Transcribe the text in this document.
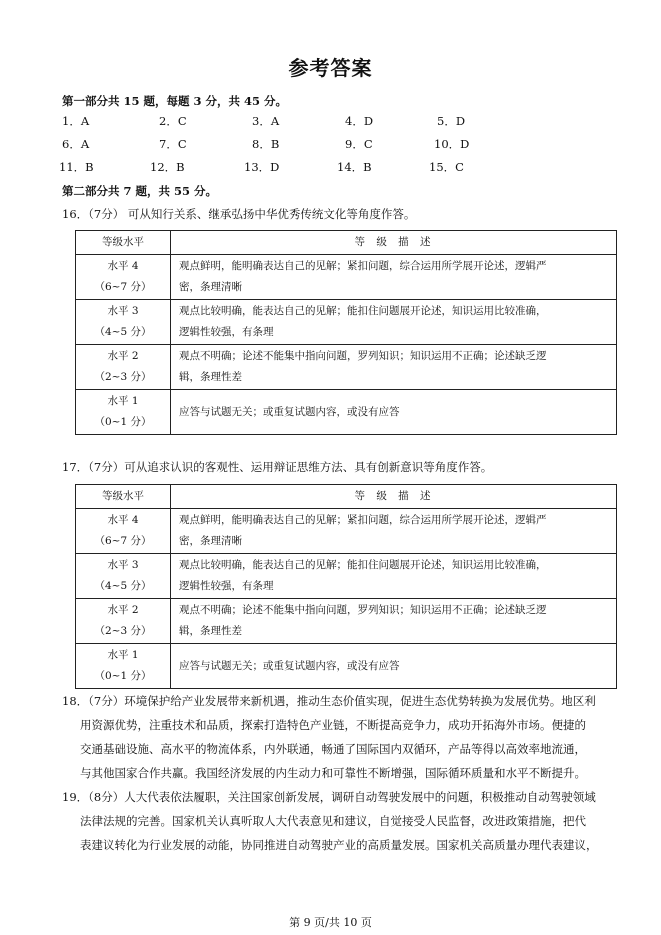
参考答案
第一部分共 15 题，每题 3 分，共 45 分。
1．A	2．C	3．A	4．D	5．D
6．A	7．C	8．B	9．C	10．D
11．B	12．B	13．D	14．B	15．C
第二部分共 7 题，共 55 分。
16．（7分） 可从知行关系、继承弘扬中华优秀传统文化等角度作答。
等级水平	等 级 描 述
水平 4
（6~7 分）	观点鲜明，能明确表达自己的见解；紧扣问题，综合运用所学展开论述，逻辑严
密，条理清晰
水平 3
（4~5 分）	观点比较明确，能表达自己的见解；能扣住问题展开论述，知识运用比较准确，
逻辑性较强，有条理
水平 2
（2~3 分）	观点不明确；论述不能集中指向问题，罗列知识；知识运用不正确；论述缺乏逻
辑，条理性差
水平 1
（0~1 分）	应答与试题无关；或重复试题内容，或没有应答
17．（7分）可从追求认识的客观性、运用辩证思维方法、具有创新意识等角度作答。
等级水平	等 级 描 述
水平 4
（6~7 分）	观点鲜明，能明确表达自己的见解；紧扣问题，综合运用所学展开论述，逻辑严
密，条理清晰
水平 3
（4~5 分）	观点比较明确，能表达自己的见解；能扣住问题展开论述，知识运用比较准确，
逻辑性较强，有条理
水平 2
（2~3 分）	观点不明确；论述不能集中指向问题，罗列知识；知识运用不正确；论述缺乏逻
辑，条理性差
水平 1
（0~1 分）	应答与试题无关；或重复试题内容，或没有应答
18．（7分）环境保护给产业发展带来新机遇，推动生态价值实现，促进生态优势转换为发展优势。地区利
用资源优势，注重技术和品质，探索打造特色产业链，不断提高竞争力，成功开拓海外市场。便捷的
交通基础设施、高水平的物流体系，内外联通，畅通了国际国内双循环，产品等得以高效率地流通，
与其他国家合作共赢。我国经济发展的内生动力和可靠性不断增强，国际循环质量和水平不断提升。
19．（8分）人大代表依法履职，关注国家创新发展，调研自动驾驶发展中的问题，积极推动自动驾驶领域
法律法规的完善。国家机关认真听取人大代表意见和建议，自觉接受人民监督，改进政策措施，把代
表建议转化为行业发展的动能，协同推进自动驾驶产业的高质量发展。国家机关高质量办理代表建议，
第 9 页/共 10 页
